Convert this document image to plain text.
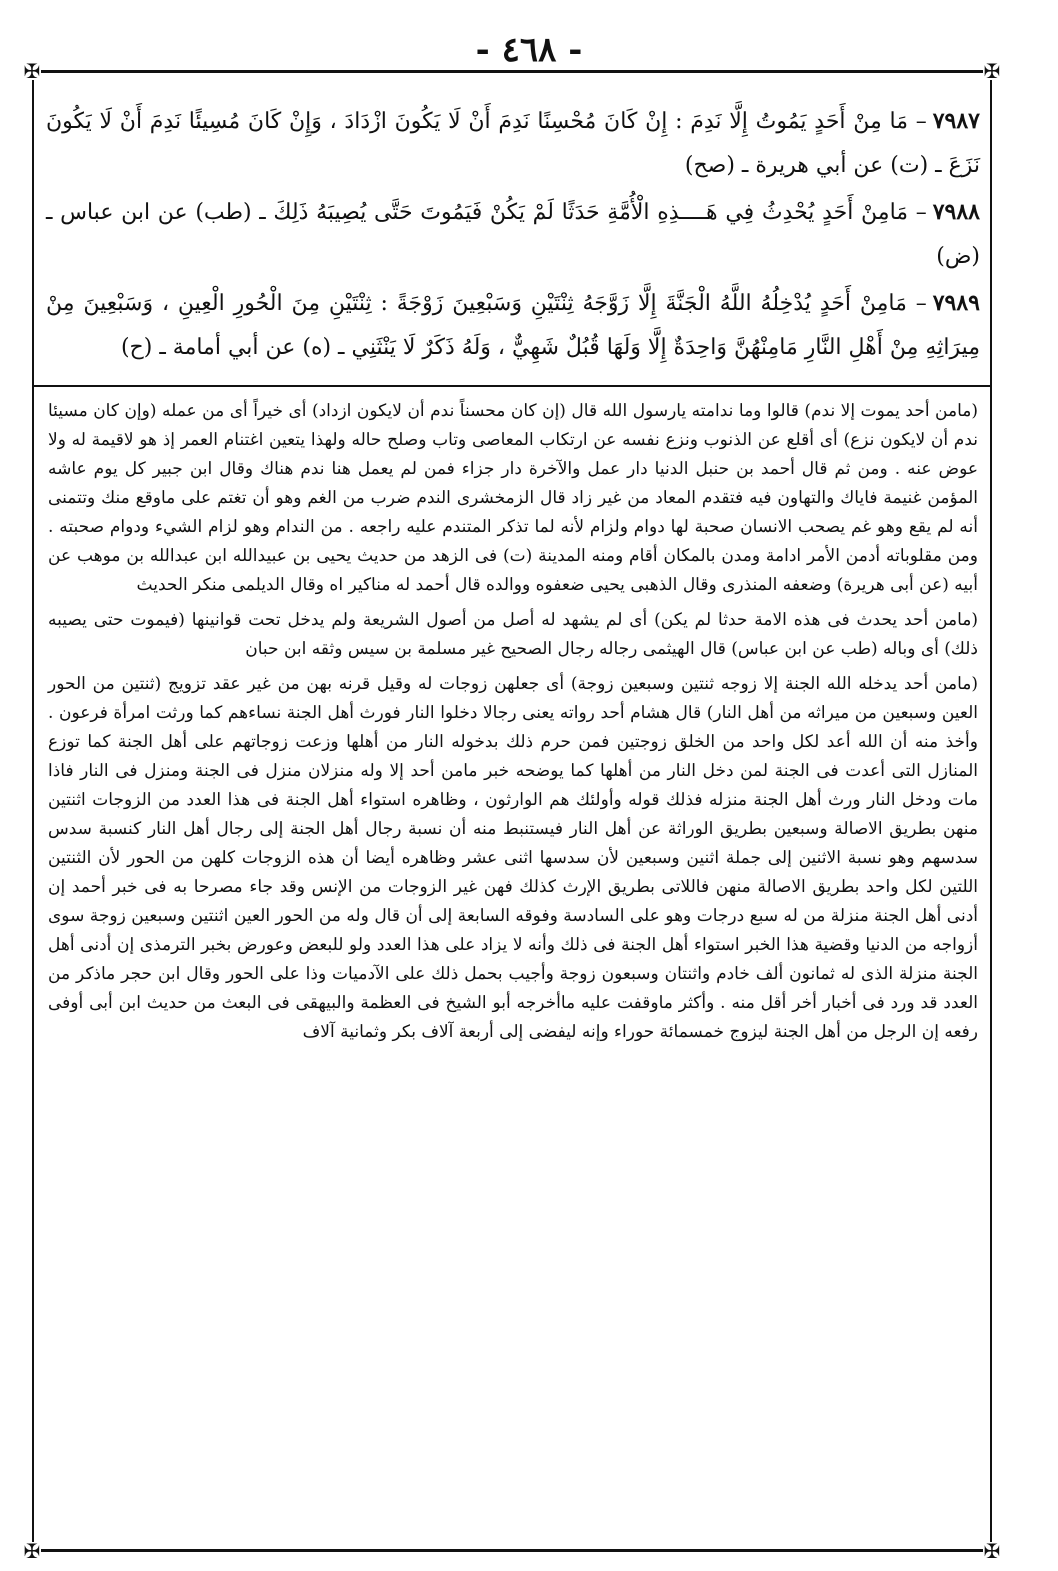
- ٤٦٨ -
✠	✠
✠	✠

٧٩٨٧– مَا مِنْ أَحَدٍ يَمُوتُ إِلَّا نَدِمَ : إِنْ كَانَ مُحْسِنًا نَدِمَ أَنْ لَا يَكُونَ ازْدَادَ ، وَإِنْ كَانَ مُسِيئًا نَدِمَ أَنْ لَا يَكُونَ نَزَعَ ـ (ت) عن أبي هريرة ـ (صح)

٧٩٨٨– مَامِنْ أَحَدٍ يُحْدِثُ فِي هَــــذِهِ الْأُمَّةِ حَدَثًا لَمْ يَكُنْ فَيَمُوتَ حَتَّى يُصِيبَهُ ذَلِكَ ـ (طب) عن ابن عباس ـ (ض)

٧٩٨٩– مَامِنْ أَحَدٍ يُدْخِلُهُ اللَّهُ الْجَنَّةَ إِلَّا زَوَّجَهُ ثِنْتَيْنِ وَسَبْعِينَ زَوْجَةً : ثِنْتَيْنِ مِنَ الْحُورِ الْعِينِ ، وَسَبْعِينَ مِنْ مِيرَاثِهِ مِنْ أَهْلِ النَّارِ مَامِنْهُنَّ وَاحِدَةٌ إِلَّا وَلَهَا قُبُلٌ شَهِيٌّ ، وَلَهُ ذَكَرٌ لَا يَنْثَنِي ـ (ه) عن أبي أمامة ـ (ح)

(مامن أحد يموت إلا ندم) قالوا وما ندامته يارسول الله قال (إن كان محسناً ندم أن لايكون ازداد) أى خيراً أى من عمله (وإن كان مسيئا ندم أن لايكون نزع) أى أقلع عن الذنوب ونزع نفسه عن ارتكاب المعاصى وتاب وصلح حاله ولهذا يتعين اغتنام العمر إذ هو لاقيمة له ولا عوض عنه . ومن ثم قال أحمد بن حنبل الدنيا دار عمل والآخرة دار جزاء فمن لم يعمل هنا ندم هناك وقال ابن جبير كل يوم عاشه المؤمن غنيمة فاياك والتهاون فيه فتقدم المعاد من غير زاد قال الزمخشرى الندم ضرب من الغم وهو أن تغتم على ماوقع منك وتتمنى أنه لم يقع وهو غم يصحب الانسان صحبة لها دوام ولزام لأنه لما تذكر المتندم عليه راجعه . من الندام وهو لزام الشيء ودوام صحبته . ومن مقلوباته أدمن الأمر ادامة ومدن بالمكان أقام ومنه المدينة (ت) فى الزهد من حديث يحيى بن عبيدالله ابن عبدالله بن موهب عن أبيه (عن أبى هريرة) وضعفه المنذرى وقال الذهبى يحيى ضعفوه ووالده قال أحمد له مناكير اه وقال الديلمى منكر الحديث

(مامن أحد يحدث فى هذه الامة حدثا لم يكن) أى لم يشهد له أصل من أصول الشريعة ولم يدخل تحت قوانينها (فيموت حتى يصيبه ذلك) أى وباله (طب عن ابن عباس) قال الهيثمى رجاله رجال الصحيح غير مسلمة بن سيس وثقه ابن حبان

(مامن أحد يدخله الله الجنة إلا زوجه ثنتين وسبعين زوجة) أى جعلهن زوجات له وقيل قرنه بهن من غير عقد تزويج (ثنتين من الحور العين وسبعين من ميراثه من أهل النار) قال هشام أحد رواته يعنى رجالا دخلوا النار فورث أهل الجنة نساءهم كما ورثت امرأة فرعون . وأخذ منه أن الله أعد لكل واحد من الخلق زوجتين فمن حرم ذلك بدخوله النار من أهلها وزعت زوجاتهم على أهل الجنة كما توزع المنازل التى أعدت فى الجنة لمن دخل النار من أهلها كما يوضحه خبر مامن أحد إلا وله منزلان منزل فى الجنة ومنزل فى النار فاذا مات ودخل النار ورث أهل الجنة منزله فذلك قوله وأولئك هم الوارثون ، وظاهره استواء أهل الجنة فى هذا العدد من الزوجات اثنتين منهن بطريق الاصالة وسبعين بطريق الوراثة عن أهل النار فيستنبط منه أن نسبة رجال أهل الجنة إلى رجال أهل النار كنسبة سدس سدسهم وهو نسبة الاثنين إلى جملة اثنين وسبعين لأن سدسها اثنى عشر وظاهره أيضا أن هذه الزوجات كلهن من الحور لأن الثنتين اللتين لكل واحد بطريق الاصالة منهن فاللاتى بطريق الإرث كذلك فهن غير الزوجات من الإنس وقد جاء مصرحا به فى خبر أحمد إن أدنى أهل الجنة منزلة من له سبع درجات وهو على السادسة وفوقه السابعة إلى أن قال وله من الحور العين اثنتين وسبعين زوجة سوى أزواجه من الدنيا وقضية هذا الخبر استواء أهل الجنة فى ذلك وأنه لا يزاد على هذا العدد ولو للبعض وعورض بخبر الترمذى إن أدنى أهل الجنة منزلة الذى له ثمانون ألف خادم واثنتان وسبعون زوجة وأجيب بحمل ذلك على الآدميات وذا على الحور وقال ابن حجر ماذكر من العدد قد ورد فى أخبار أخر أقل منه . وأكثر ماوقفت عليه ماأخرجه أبو الشيخ فى العظمة والبيهقى فى البعث من حديث ابن أبى أوفى رفعه إن الرجل من أهل الجنة ليزوج خمسمائة حوراء وإنه ليفضى إلى أربعة آلاف بكر وثمانية آلاف
